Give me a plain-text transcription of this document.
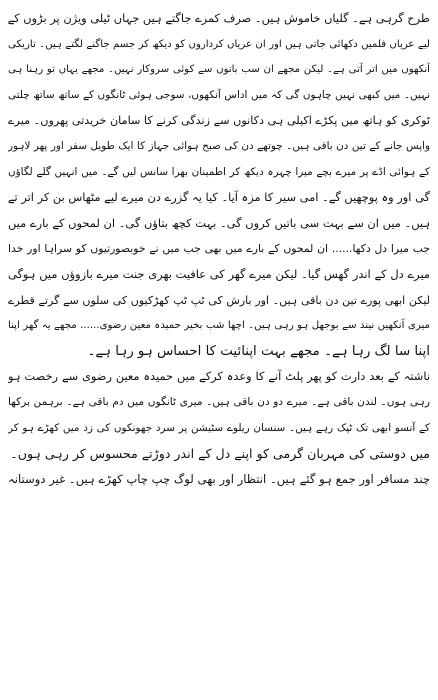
طرح گرہی ہے۔ گلیاں خاموش ہیں۔ صرف کمرے جاگتے ہیں جہاں ٹیلی ویژن پر بڑوں کے
لیے عریاں فلمیں دکھائی جاتی ہیں اور ان عریاں کرداروں کو دیکھ کر جسم جاگنے لگتے ہیں۔ تاریکی
آنکھوں میں اتر آتی ہے۔ لیکن مجھے ان سب باتوں سے کوئی سروکار نہیں۔ مجھے یہاں تو رہنا ہی
نہیں۔ میں کبھی نہیں چاہوں گی کہ میں اداس آنکھوں، سوجی ہوئی ٹانگوں کے ساتھ ساتھ چلتی
ٹوکری کو ہاتھ میں پکڑے اکیلی ہی دکانوں سے زندگی کرنے کا سامان خریدتی پھروں۔ میرے
واپس جانے کے تین دن باقی ہیں۔ چوتھے دن کی صبح ہوائی جہاز کا ایک طویل سفر اور پھر لاہور
کے ہوائی اڈے پر میرے بچے میرا چہرہ دیکھ کر اطمینان بھرا سانس لیں گے۔ میں انہیں گلے لگاؤں
گی اور وہ پوچھیں گے۔ امی سیر کا مزہ آیا۔ کیا یہ گزرے دن میرے لیے مٹھاس بن کر اتر تے
ہیں۔ میں ان سے بہت سی باتیں کروں گی۔ بہت کچھ بتاؤں گی۔ ان لمحوں کے بارے میں
جب میرا دل دکھا...... ان لمحوں کے بارے میں بھی جب میں نے خوبصورتیوں کو سراہا اور خدا
میرے دل کے اندر گھس گیا۔ لیکن میرے گھر کی عافیت بھری جنت میرے بازوؤں میں ہوگی
لیکن ابھی پورے تین دن باقی ہیں۔ اور بارش کی ٹپ ٹپ کھڑکیوں کی سلوں سے گرتے قطرے
میری آنکھیں نیند سے بوجھل ہو رہی ہیں۔ اچھا شب بخیر حمیدہ معین رضوی...... مجھے یہ گھر اپنا
اپنا سا لگ رہا ہے۔ مجھے بہت اپنائیت کا احساس ہو رہا ہے۔
ناشتہ کے بعد دارت کو پھر پلٹ آنے کا وعدہ کرکے میں حمیدہ معین رضوی سے رخصت ہو
رہی ہوں۔ لندن باقی ہے۔ میرے دو دن باقی ہیں۔ میری ٹانگوں میں دم باقی ہے۔ برہمن برکھا
کے آنسو ابھی تک ٹپک رہے ہیں۔ سنسان ریلوے سٹیشن پر سرد جھونکوں کی زد میں کھڑے ہو کر
میں دوستی کی مہربان گرمی کو اپنے دل کے اندر دوڑتے محسوس کر رہی ہوں۔
چند مسافر اور جمع ہو گئے ہیں۔ انتظار اور بھی لوگ چپ چاپ کھڑے ہیں۔ غیر دوستانہ
